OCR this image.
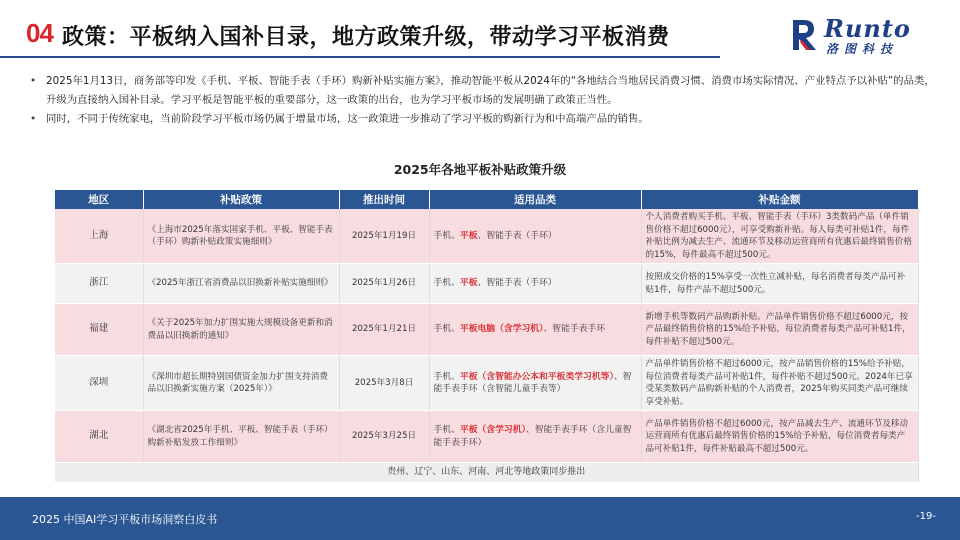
04 政策：平板纳入国补目录，地方政策升级，带动学习平板消费	Runto
洛图科技
• 2025年1月13日，商务部等印发《手机、平板、智能手表（手环）购新补贴实施方案》，推动智能平板从2024年的“各地结合当地居民消费习惯、消费市场实际情况、产业特点予以补贴”的品类，升级为直接纳入国补目录。学习平板是智能平板的重要部分，这一政策的出台，也为学习平板市场的发展明确了政策正当性。
• 同时，不同于传统家电，当前阶段学习平板市场仍属于增量市场，这一政策进一步推动了学习平板的购新行为和中高端产品的销售。
2025年各地平板补贴政策升级
地区	补贴政策	推出时间	适用品类	补贴金额
上海	《上海市2025年落实国家手机、平板、智能手表（手环）购新补贴政策实施细则》	2025年1月19日	手机、平板、智能手表（手环）	个人消费者购买手机、平板、智能手表（手环）3类数码产品（单件销售价格不超过6000元），可享受购新补贴。每人每类可补贴1件，每件补贴比例为减去生产、流通环节及移动运营商所有优惠后最终销售价格的15%，每件最高不超过500元。
浙江	《2025年浙江省消费品以旧换新补贴实施细则》	2025年1月26日	手机、平板、智能手表（手环）	按照成交价格的15%享受一次性立减补贴，每名消费者每类产品可补贴1件，每件产品不超过500元。
福建	《关于2025年加力扩围实施大规模设备更新和消费品以旧换新的通知》	2025年1月21日	手机、平板电脑（含学习机）、智能手表手环	新增手机等数码产品购新补贴。产品单件销售价格不超过6000元，按产品最终销售价格的15%给予补贴，每位消费者每类产品可补贴1件，每件补贴不超过500元。
深圳	《深圳市超长期特别国债资金加力扩围支持消费品以旧换新实施方案（2025年）》	2025年3月8日	手机、平板（含智能办公本和平板类学习机等）、智能手表手环（含智能儿童手表等）	产品单件销售价格不超过6000元，按产品销售价格的15%给予补贴，每位消费者每类产品可补贴1件，每件补贴不超过500元。2024年已享受某类数码产品购新补贴的个人消费者，2025年购买同类产品可继续享受补贴。
湖北	《湖北省2025年手机、平板、智能手表（手环）购新补贴发放工作细则》	2025年3月25日	手机、平板（含学习机）、智能手表手环（含儿童智能手表手环）	产品单件销售价格不超过6000元，按产品减去生产、流通环节及移动运营商所有优惠后最终销售价格的15%给予补贴，每位消费者每类产品可补贴1件，每件补贴最高不超过500元。
贵州、辽宁、山东、河南、河北等地政策同步推出				
2025 中国AI学习平板市场洞察白皮书	-19-
